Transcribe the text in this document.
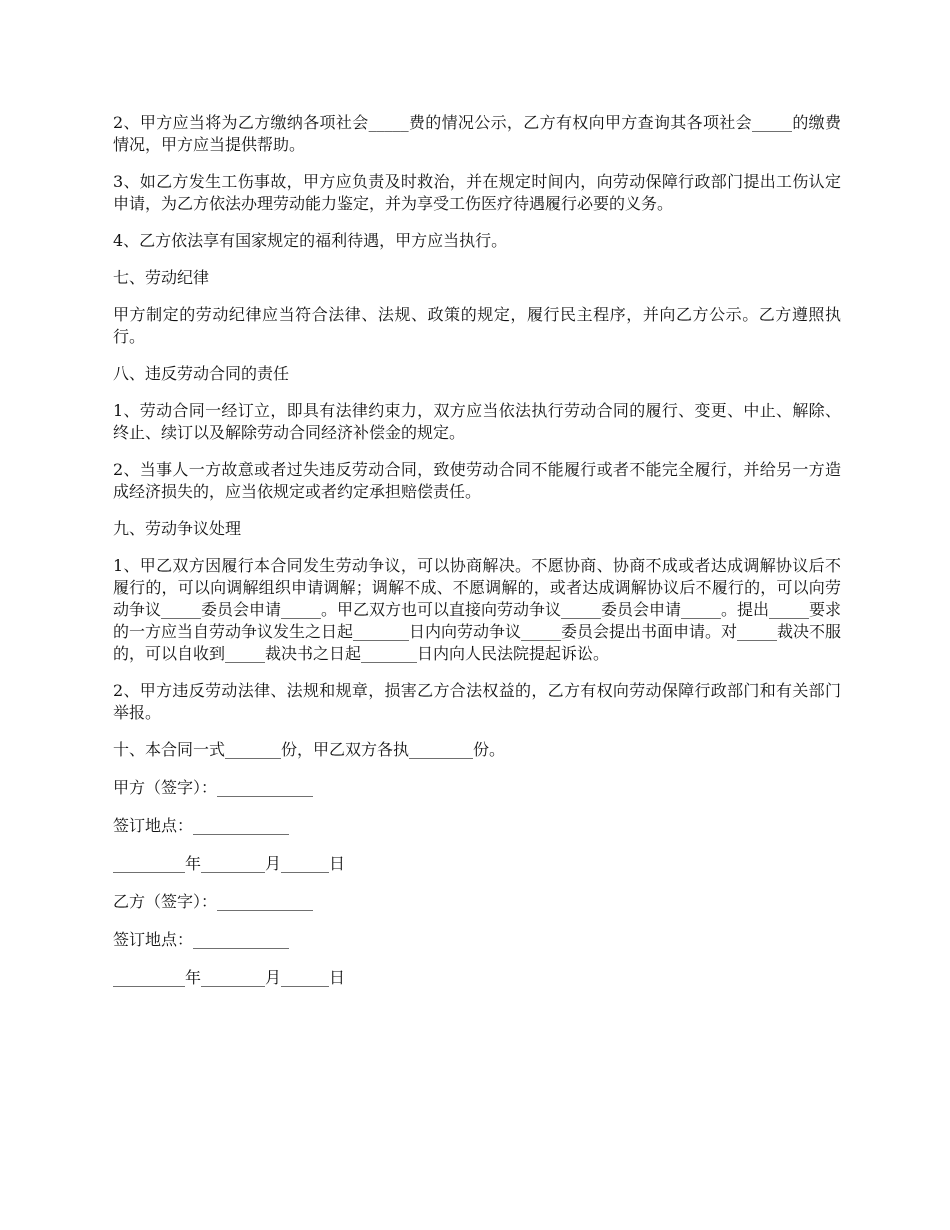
2、甲方应当将为乙方缴纳各项社会_____费的情况公示，乙方有权向甲方查询其各项社会_____的缴费情况，甲方应当提供帮助。

3、如乙方发生工伤事故，甲方应负责及时救治，并在规定时间内，向劳动保障行政部门提出工伤认定申请，为乙方依法办理劳动能力鉴定，并为享受工伤医疗待遇履行必要的义务。

4、乙方依法享有国家规定的福利待遇，甲方应当执行。

七、劳动纪律

甲方制定的劳动纪律应当符合法律、法规、政策的规定，履行民主程序，并向乙方公示。乙方遵照执行。

八、违反劳动合同的责任

1、劳动合同一经订立，即具有法律约束力，双方应当依法执行劳动合同的履行、变更、中止、解除、终止、续订以及解除劳动合同经济补偿金的规定。

2、当事人一方故意或者过失违反劳动合同，致使劳动合同不能履行或者不能完全履行，并给另一方造成经济损失的，应当依规定或者约定承担赔偿责任。

九、劳动争议处理

1、甲乙双方因履行本合同发生劳动争议，可以协商解决。不愿协商、协商不成或者达成调解协议后不履行的，可以向调解组织申请调解；调解不成、不愿调解的，或者达成调解协议后不履行的，可以向劳动争议_____委员会申请_____。甲乙双方也可以直接向劳动争议_____委员会申请_____。提出_____要求的一方应当自劳动争议发生之日起_______日内向劳动争议_____委员会提出书面申请。对_____裁决不服的，可以自收到_____裁决书之日起_______日内向人民法院提起诉讼。

2、甲方违反劳动法律、法规和规章，损害乙方合法权益的，乙方有权向劳动保障行政部门和有关部门举报。

十、本合同一式_______份，甲乙双方各执________份。

甲方（签字）：____________

签订地点：____________

_________年________月______日

乙方（签字）：____________

签订地点：____________

_________年________月______日
